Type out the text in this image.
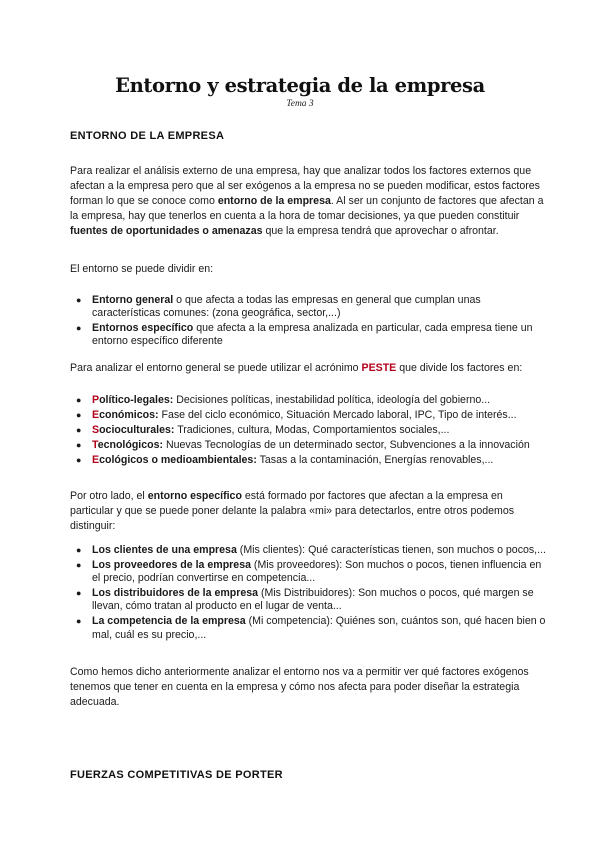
Entorno y estrategia de la empresa
Tema 3
ENTORNO DE LA EMPRESA

Para realizar el análisis externo de una empresa, hay que analizar todos los factores externos que afectan a la empresa pero que al ser exógenos a la empresa no se pueden modificar, estos factores forman lo que se conoce como entorno de la empresa. Al ser un conjunto de factores que afectan a la empresa, hay que tenerlos en cuenta a la hora de tomar decisiones, ya que pueden constituir fuentes de oportunidades o amenazas que la empresa tendrá que aprovechar o afrontar.

El entorno se puede dividir en:

● Entorno general o que afecta a todas las empresas en general que cumplan unas características comunes: (zona geográfica, sector,...)
● Entornos específico que afecta a la empresa analizada en particular, cada empresa tiene un entorno específico diferente

Para analizar el entorno general se puede utilizar el acrónimo PESTE que divide los factores en:

● Político-legales: Decisiones políticas, inestabilidad política, ideología del gobierno...
● Económicos: Fase del ciclo económico, Situación Mercado laboral, IPC, Tipo de interés...
● Socioculturales: Tradiciones, cultura, Modas, Comportamientos sociales,...
● Tecnológicos: Nuevas Tecnologías de un determinado sector, Subvenciones a la innovación
● Ecológicos o medioambientales: Tasas a la contaminación, Energías renovables,...

Por otro lado, el entorno específico está formado por factores que afectan a la empresa en particular y que se puede poner delante la palabra «mi» para detectarlos, entre otros podemos distinguir:

● Los clientes de una empresa (Mis clientes): Qué características tienen, son muchos o pocos,...
● Los proveedores de la empresa (Mis proveedores): Son muchos o pocos, tienen influencia en el precio, podrían convertirse en competencia...
● Los distribuidores de la empresa (Mis Distribuidores): Son muchos o pocos, qué margen se llevan, cómo tratan al producto en el lugar de venta...
● La competencia de la empresa (Mi competencia): Quiénes son, cuántos son, qué hacen bien o mal, cuál es su precio,...

Como hemos dicho anteriormente analizar el entorno nos va a permitir ver qué factores exógenos tenemos que tener en cuenta en la empresa y cómo nos afecta para poder diseñar la estrategia adecuada.

FUERZAS COMPETITIVAS DE PORTER
